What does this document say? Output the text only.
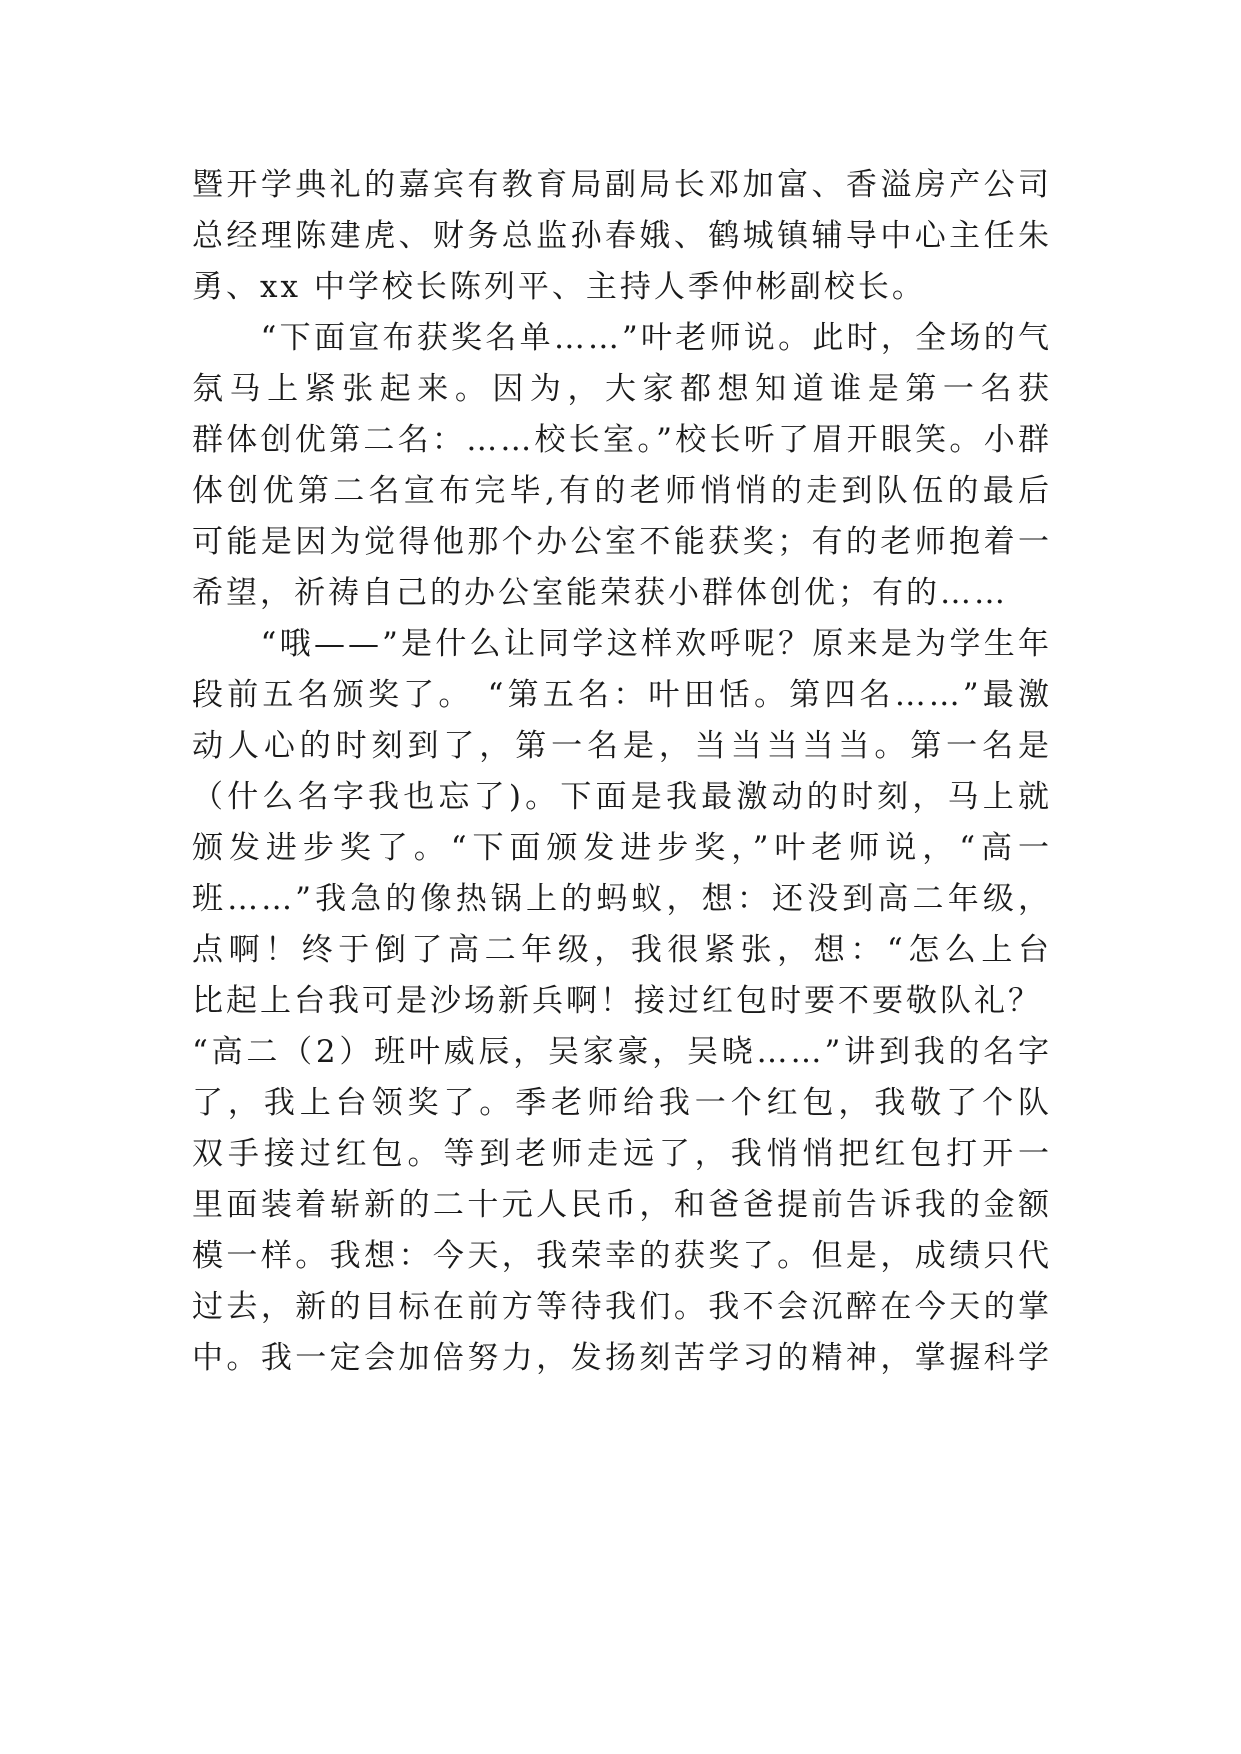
暨开学典礼的嘉宾有教育局副局长邓加富、香溢房产公司
总经理陈建虎、财务总监孙春娥、鹤城镇辅导中心主任朱
勇、xx 中学校长陈列平、主持人季仲彬副校长。
　　“下面宣布获奖名单……”叶老师说。此时，全场的气
氛马上紧张起来。因为，大家都想知道谁是第一名获
群体创优第二名：……校长室。”校长听了眉开眼笑。小群
体创优第二名宣布完毕,有的老师悄悄的走到队伍的最后
可能是因为觉得他那个办公室不能获奖；有的老师抱着一
希望，祈祷自己的办公室能荣获小群体创优；有的……
　　“哦——”是什么让同学这样欢呼呢？原来是为学生年
段前五名颁奖了。 “第五名：叶田恬。第四名……”最激
动人心的时刻到了，第一名是，当当当当当。第一名是
（什么名字我也忘了)。下面是我最激动的时刻，马上就
颁发进步奖了。“下面颁发进步奖，”叶老师说，“高一
班……”我急的像热锅上的蚂蚁，想：还没到高二年级，
点啊！终于倒了高二年级，我很紧张，想：“怎么上台
比起上台我可是沙场新兵啊！接过红包时要不要敬队礼？
“高二（2）班叶威辰，吴家豪，吴晓……”讲到我的名字
了，我上台领奖了。季老师给我一个红包，我敬了个队
双手接过红包。等到老师走远了，我悄悄把红包打开一
里面装着崭新的二十元人民币，和爸爸提前告诉我的金额
模一样。我想：今天，我荣幸的获奖了。但是，成绩只代
过去，新的目标在前方等待我们。我不会沉醉在今天的掌
中。我一定会加倍努力，发扬刻苦学习的精神，掌握科学
